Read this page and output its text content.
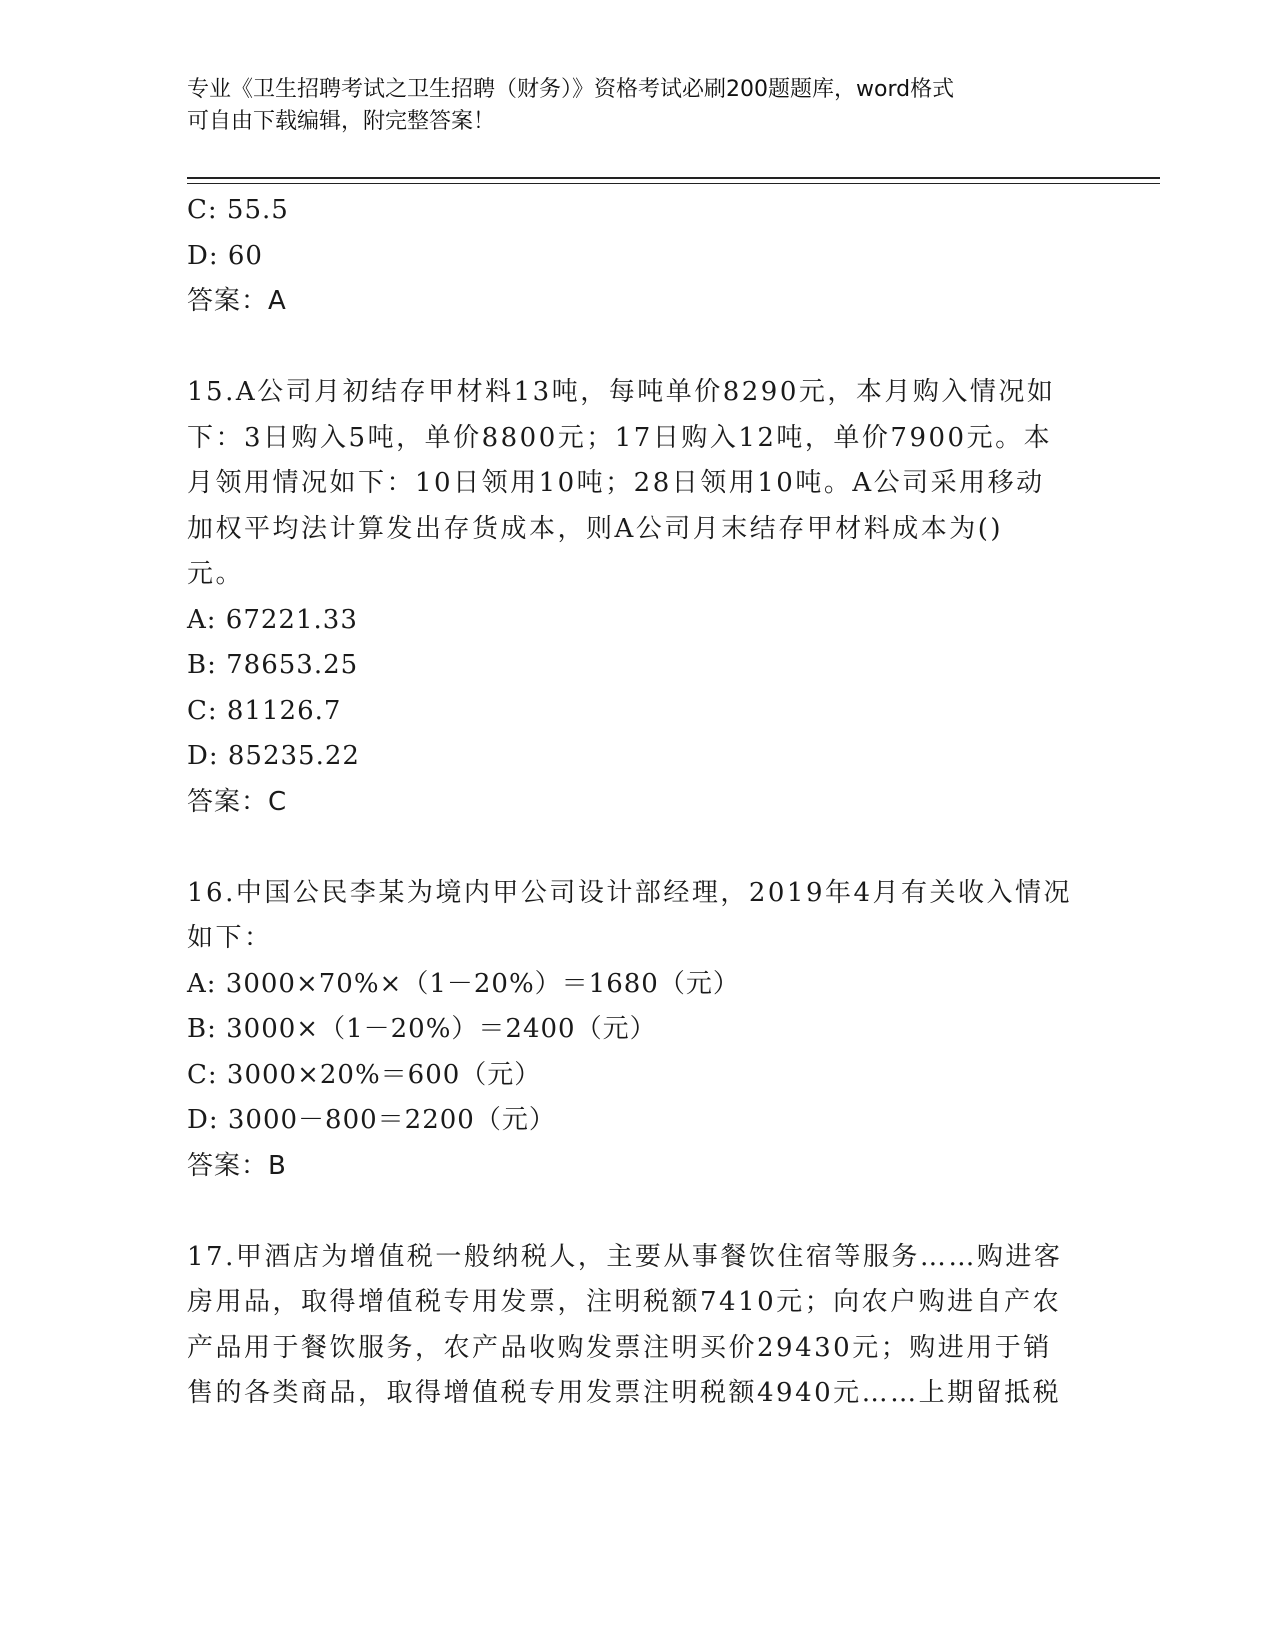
专业《卫生招聘考试之卫生招聘（财务）》资格考试必刷200题题库，word格式
可自由下载编辑，附完整答案！
C: 55.5
D: 60
答案：A
15.A公司月初结存甲材料13吨，每吨单价8290元，本月购入情况如
下：3日购入5吨，单价8800元；17日购入12吨，单价7900元。本
月领用情况如下：10日领用10吨；28日领用10吨。A公司采用移动
加权平均法计算发出存货成本，则A公司月末结存甲材料成本为()
元。
A: 67221.33
B: 78653.25
C: 81126.7
D: 85235.22
答案：C
16.中国公民李某为境内甲公司设计部经理，2019年4月有关收入情况
如下：
A: 3000×70%×（1－20%）＝1680（元）
B: 3000×（1－20%）＝2400（元）
C: 3000×20%＝600（元）
D: 3000－800＝2200（元）
答案：B
17.甲酒店为增值税一般纳税人，主要从事餐饮住宿等服务……购进客
房用品，取得增值税专用发票，注明税额7410元；向农户购进自产农
产品用于餐饮服务，农产品收购发票注明买价29430元；购进用于销
售的各类商品，取得增值税专用发票注明税额4940元……上期留抵税
